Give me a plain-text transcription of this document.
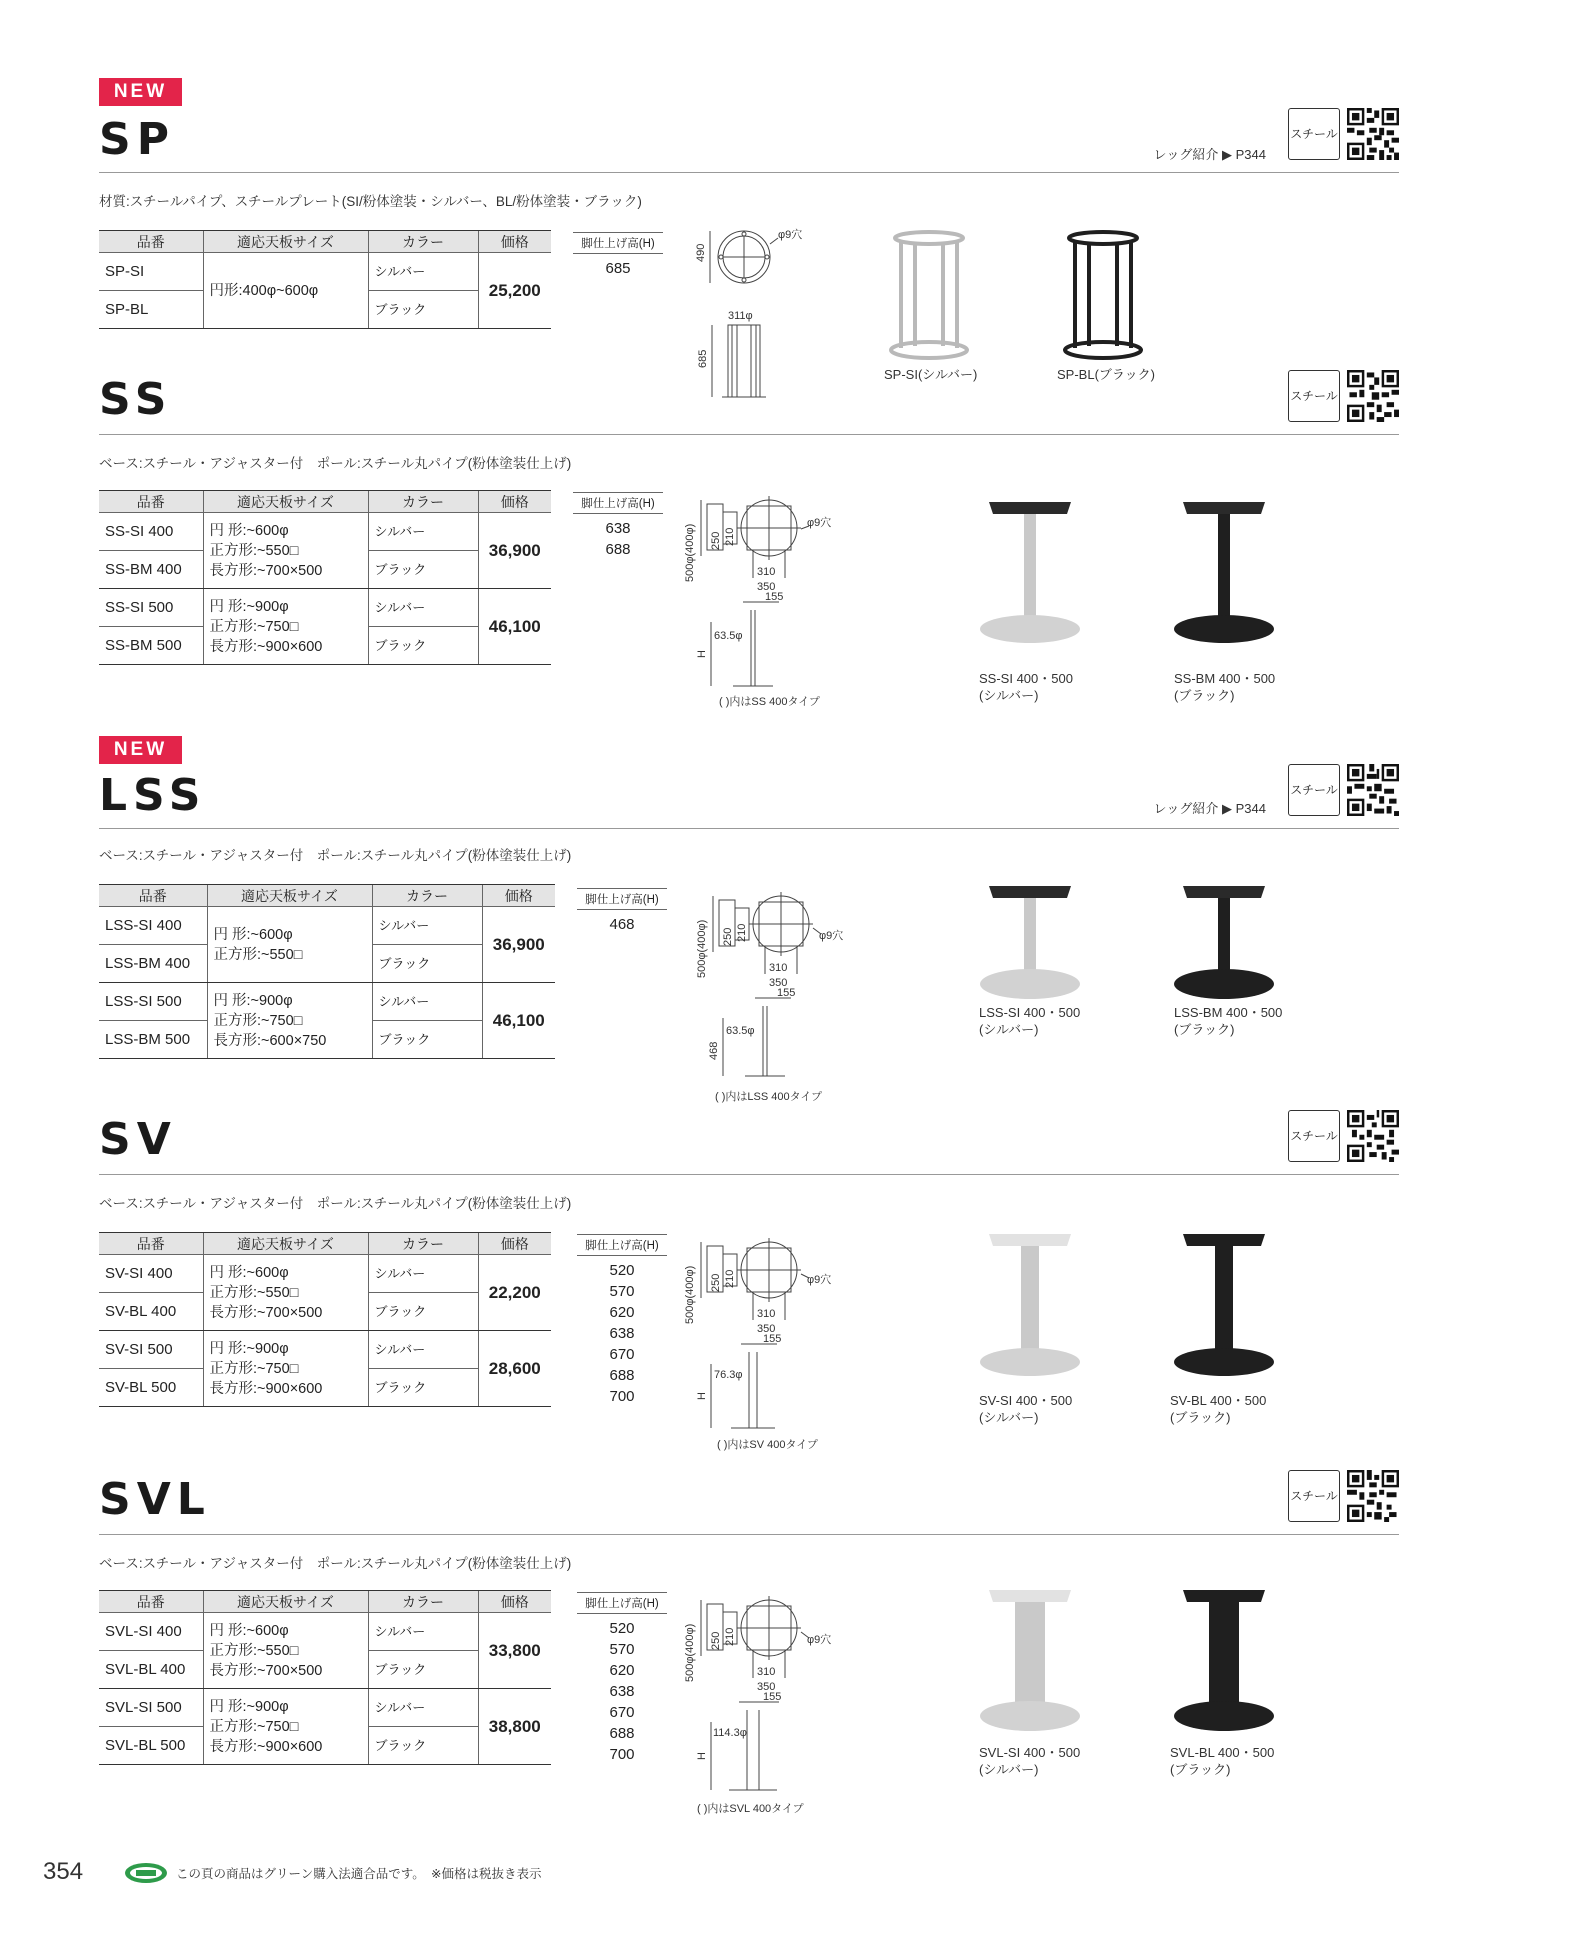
NEW
SP	レッグ紹介 ▶ P344
スチール
材質:スチールパイプ、スチールプレート(SI/粉体塗装・シルバー、BL/粉体塗装・ブラック)
品番	適応天板サイズ	カラー	価格
SP-SI	円形:400φ~600φ	シルバー	25,200
SP-BL		ブラック	
脚仕上げ高(H)
685
φ9穴
490
311φ
685
SP-SI(シルバー)	SP-BL(ブラック)
SS	スチール
ベース:スチール・アジャスター付　ポール:スチール丸パイプ(粉体塗装仕上げ)
品番	適応天板サイズ	カラー	価格
SS-SI 400	円 形:~600φ
正方形:~550□
長方形:~700×500	シルバー	36,900
SS-BM 400		ブラック	
SS-SI 500	円 形:~900φ
正方形:~750□
長方形:~900×600	シルバー	46,100
SS-BM 500		ブラック	
脚仕上げ高(H)
638
688	500φ(400φ) 250 210
φ9穴
310
350
155
63.5φ
H
( )内はSS 400タイプ
SS-SI 400・500
(シルバー)
SS-BM 400・500
(ブラック)
NEW
LSS	レッグ紹介 ▶ P344
スチール
ベース:スチール・アジャスター付　ポール:スチール丸パイプ(粉体塗装仕上げ)
品番	適応天板サイズ	カラー	価格
LSS-SI 400	円 形:~600φ
正方形:~550□	シルバー	36,900
LSS-BM 400		ブラック	
LSS-SI 500	円 形:~900φ
正方形:~750□
長方形:~600×750	シルバー	46,100
LSS-BM 500		ブラック	
脚仕上げ高(H)
468	500φ(400φ) 250 210	φ9穴
310
350
155
63.5φ
468
( )内はLSS 400タイプ
LSS-SI 400・500
(シルバー)
LSS-BM 400・500
(ブラック)
SV	スチール
ベース:スチール・アジャスター付　ポール:スチール丸パイプ(粉体塗装仕上げ)
品番	適応天板サイズ	カラー	価格
SV-SI 400	円 形:~600φ
正方形:~550□
長方形:~700×500	シルバー	22,200
SV-BL 400		ブラック	
SV-SI 500	円 形:~900φ
正方形:~750□
長方形:~900×600	シルバー	28,600
SV-BL 500		ブラック	
脚仕上げ高(H)
520
570
620
638
670
688
700
500φ(400φ) 250 210	φ9穴
310
350
155
76.3φ
H
( )内はSV 400タイプ
SV-SI 400・500
(シルバー)
SV-BL 400・500
(ブラック)
SVL	スチール
ベース:スチール・アジャスター付　ポール:スチール丸パイプ(粉体塗装仕上げ)
品番	適応天板サイズ	カラー	価格
SVL-SI 400	円 形:~600φ
正方形:~550□
長方形:~700×500	シルバー	33,800
SVL-BL 400		ブラック	
SVL-SI 500	円 形:~900φ
正方形:~750□
長方形:~900×600	シルバー	38,800
SVL-BL 500		ブラック	
脚仕上げ高(H)
520
570
620
638
670
688
700
500φ(400φ) 250 210	φ9穴
310
350
155
114.3φ
H
( )内はSVL 400タイプ
SVL-SI 400・500
(シルバー)
SVL-BL 400・500
(ブラック)
354	この頁の商品はグリーン購入法適合品です。　※価格は税抜き表示
